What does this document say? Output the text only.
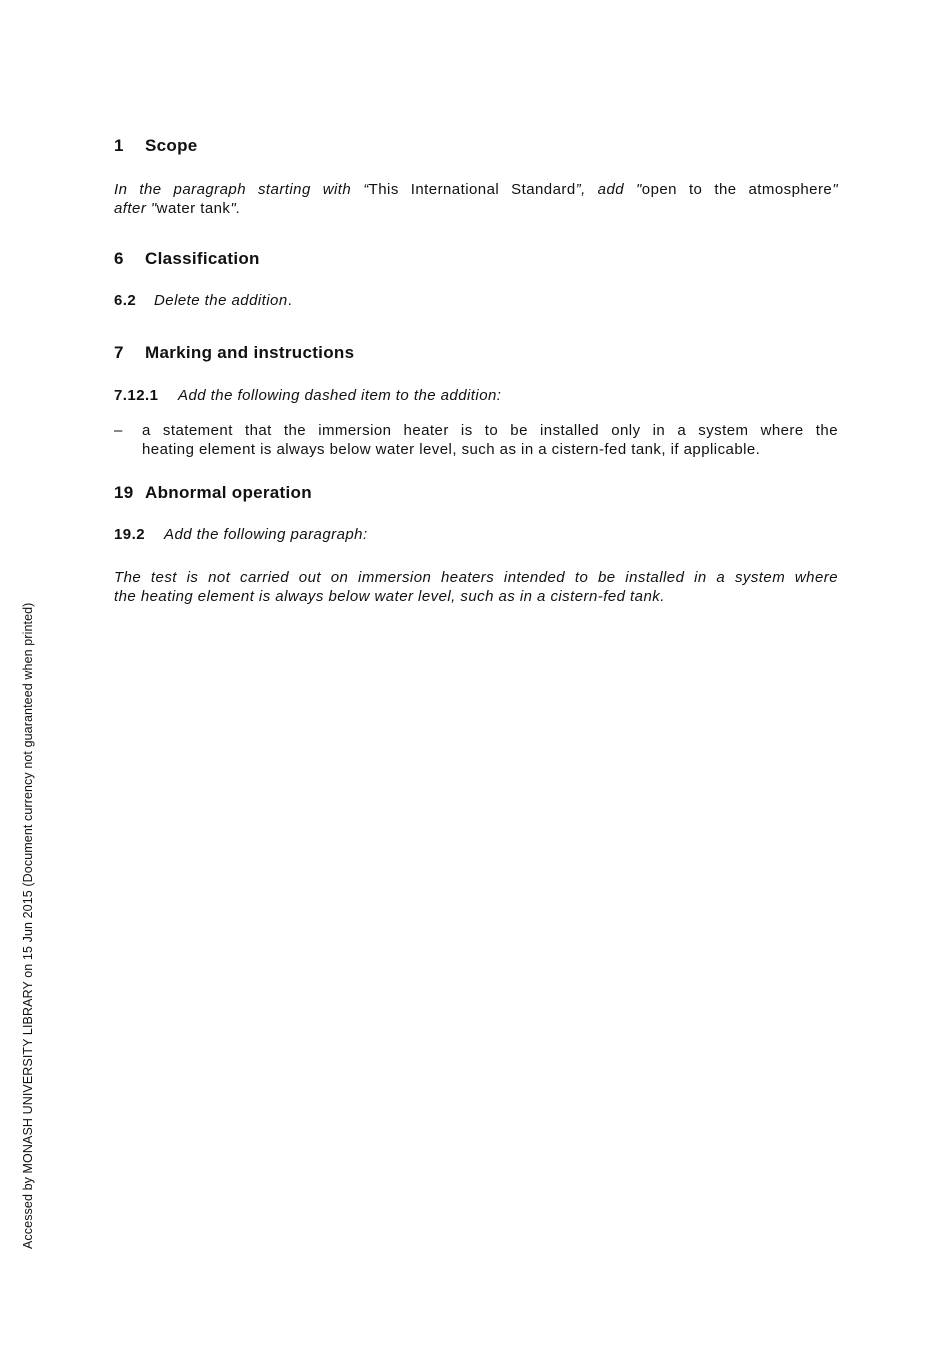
1 Scope
In the paragraph starting with “This International Standard”, add "open to the atmosphere"
after "water tank".
6 Classification
6.2 Delete the addition.
7 Marking and instructions
7.12.1 Add the following dashed item to the addition:
– a statement that the immersion heater is to be installed only in a system where the
heating element is always below water level, such as in a cistern-fed tank, if applicable.
19 Abnormal operation
19.2 Add the following paragraph:
The test is not carried out on immersion heaters intended to be installed in a system where
the heating element is always below water level, such as in a cistern-fed tank.
Accessed by MONASH UNIVERSITY LIBRARY on 15 Jun 2015 (Document currency not guaranteed when printed)
